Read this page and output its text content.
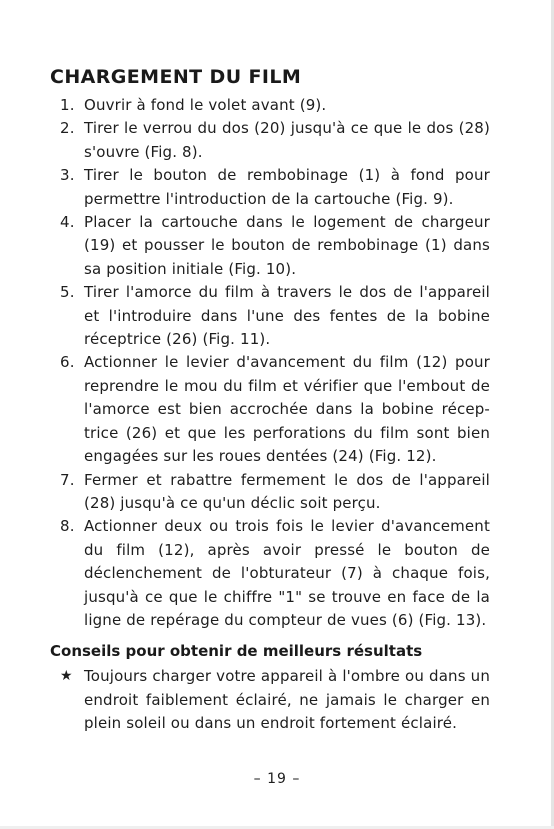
CHARGEMENT DU FILM
1. Ouvrir à fond le volet avant (9).
2. Tirer le verrou du dos (20) jusqu'à ce que le dos (28) s'ouvre (Fig. 8).
3. Tirer le bouton de rembobinage (1) à fond pour permettre l'introduction de la cartouche (Fig. 9).
4. Placer la cartouche dans le logement de chargeur (19) et pousser le bouton de rembobinage (1) dans sa position initiale (Fig. 10).
5. Tirer l'amorce du film à travers le dos de l'appareil et l'introduire dans l'une des fentes de la bobine réceptrice (26) (Fig. 11).
6. Actionner le levier d'avancement du film (12) pour reprendre le mou du film et vérifier que l'embout de l'amorce est bien accrochée dans la bobine récep-trice (26) et que les perforations du film sont bien engagées sur les roues dentées (24) (Fig. 12).
7. Fermer et rabattre fermement le dos de l'appareil (28) jusqu'à ce qu'un déclic soit perçu.
8. Actionner deux ou trois fois le levier d'avancement du film (12), après avoir pressé le bouton de déclenchement de l'obturateur (7) à chaque fois, jusqu'à ce que le chiffre "1" se trouve en face de la ligne de repérage du compteur de vues (6) (Fig. 13).
Conseils pour obtenir de meilleurs résultats
★ Toujours charger votre appareil à l'ombre ou dans un endroit faiblement éclairé, ne jamais le charger en plein soleil ou dans un endroit fortement éclairé.
– 19 –
